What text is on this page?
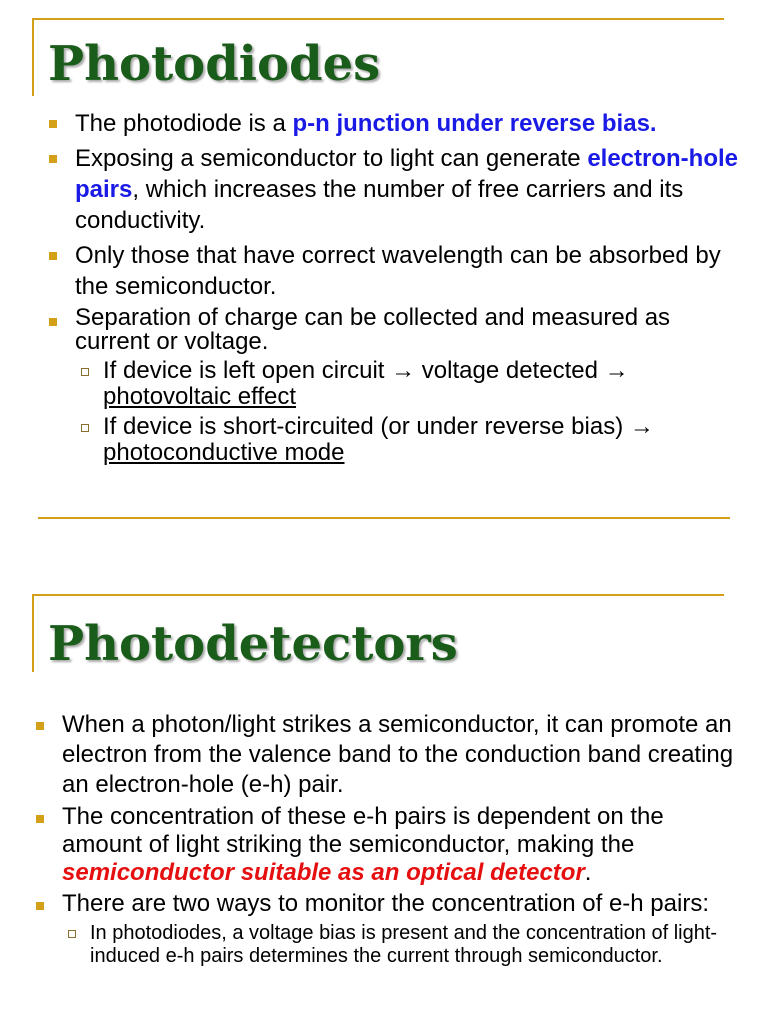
Photodiodes
The photodiode is a p-n junction under reverse bias.
Exposing a semiconductor to light can generate electron-hole pairs, which increases the number of free carriers and its conductivity.
Only those that have correct wavelength can be absorbed by the semiconductor.
Separation of charge can be collected and measured as current or voltage.
If device is left open circuit → voltage detected → photovoltaic effect
If device is short-circuited (or under reverse bias) → photoconductive mode
Photodetectors
When a photon/light strikes a semiconductor, it can promote an electron from the valence band to the conduction band creating an electron-hole (e-h) pair.
The concentration of these e-h pairs is dependent on the amount of light striking the semiconductor, making the semiconductor suitable as an optical detector.
There are two ways to monitor the concentration of e-h pairs:
In photodiodes, a voltage bias is present and the concentration of light-induced e-h pairs determines the current through semiconductor.
